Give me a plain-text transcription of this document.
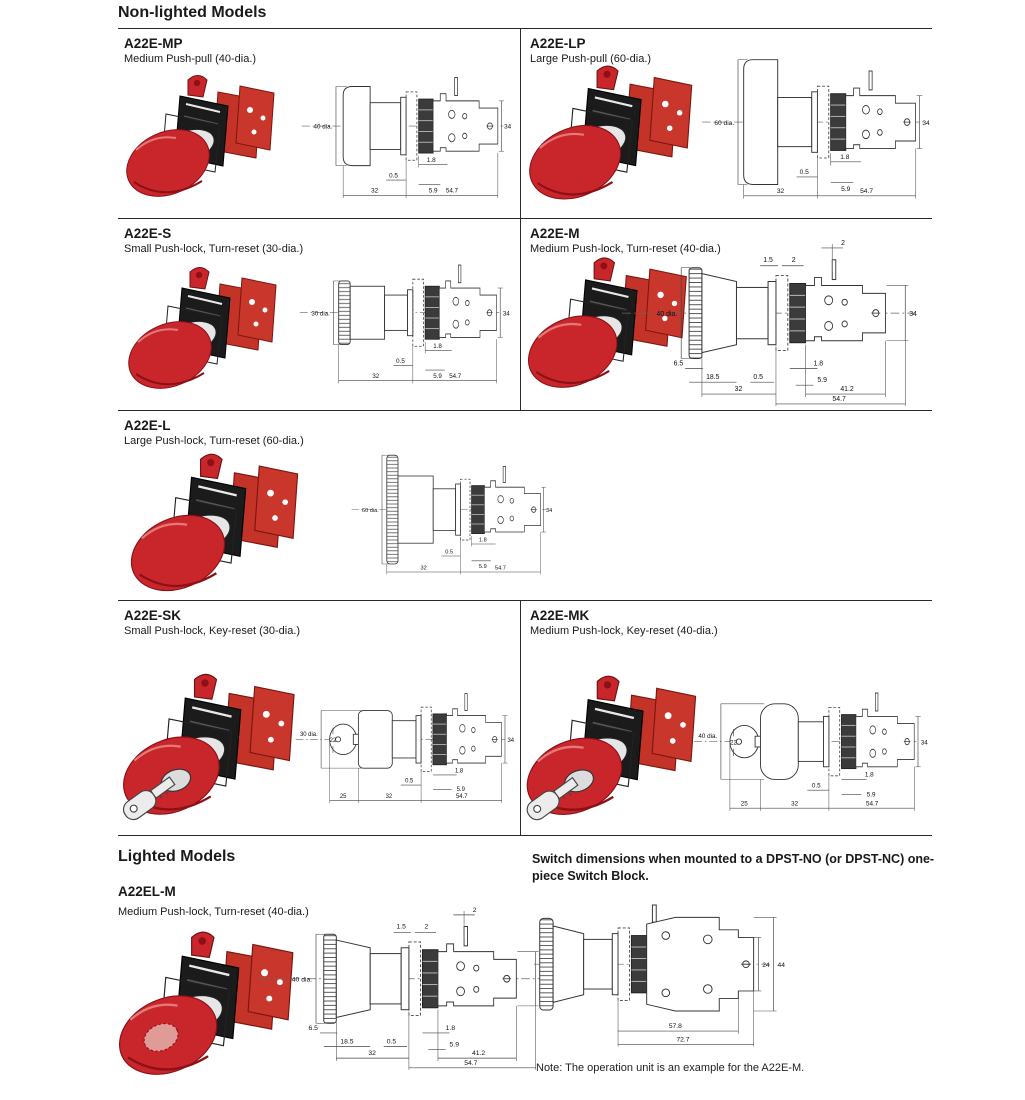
Non-lighted Models
A22E-MP
Medium Push-pull (40-dia.)
40 dia.	34
1.8
0.5
5.9
32	54.7
A22E-LP
Large Push-pull (60-dia.)
60 dia.	34
1.8
0.5
5.9
32	54.7
A22E-S
Small Push-lock, Turn-reset (30-dia.)
30 dia.	34
1.8
0.5
5.9
32	54.7
A22E-M
Medium Push-lock, Turn-reset (40-dia.)	2
1.5	2
40 dia.	34
6.5
18.5	0.5
1.8
5.9
32	41.2
54.7
A22E-L
Large Push-lock, Turn-reset (60-dia.)
60 dia.	34
1.8
0.5
5.9
32	54.7
A22E-SK
Small Push-lock, Key-reset (30-dia.)
30 dia.
22	34
1.8
0.5
5.9
25	32	54.7
A22E-MK
Medium Push-lock, Key-reset (40-dia.)
40 dia.
22	34
1.8
0.5
5.9
25	32	54.7
Lighted Models	Switch dimensions when mounted to a DPST-NO (or DPST-NC) one-piece Switch Block.
A22EL-M
Medium Push-lock, Turn-reset (40-dia.)	2
1.5	2
40 dia.
6.5
18.5	0.5
1.8
5.9
32	41.2
54.7
24 44
57.8
72.7
Note: The operation unit is an example for the A22E-M.
